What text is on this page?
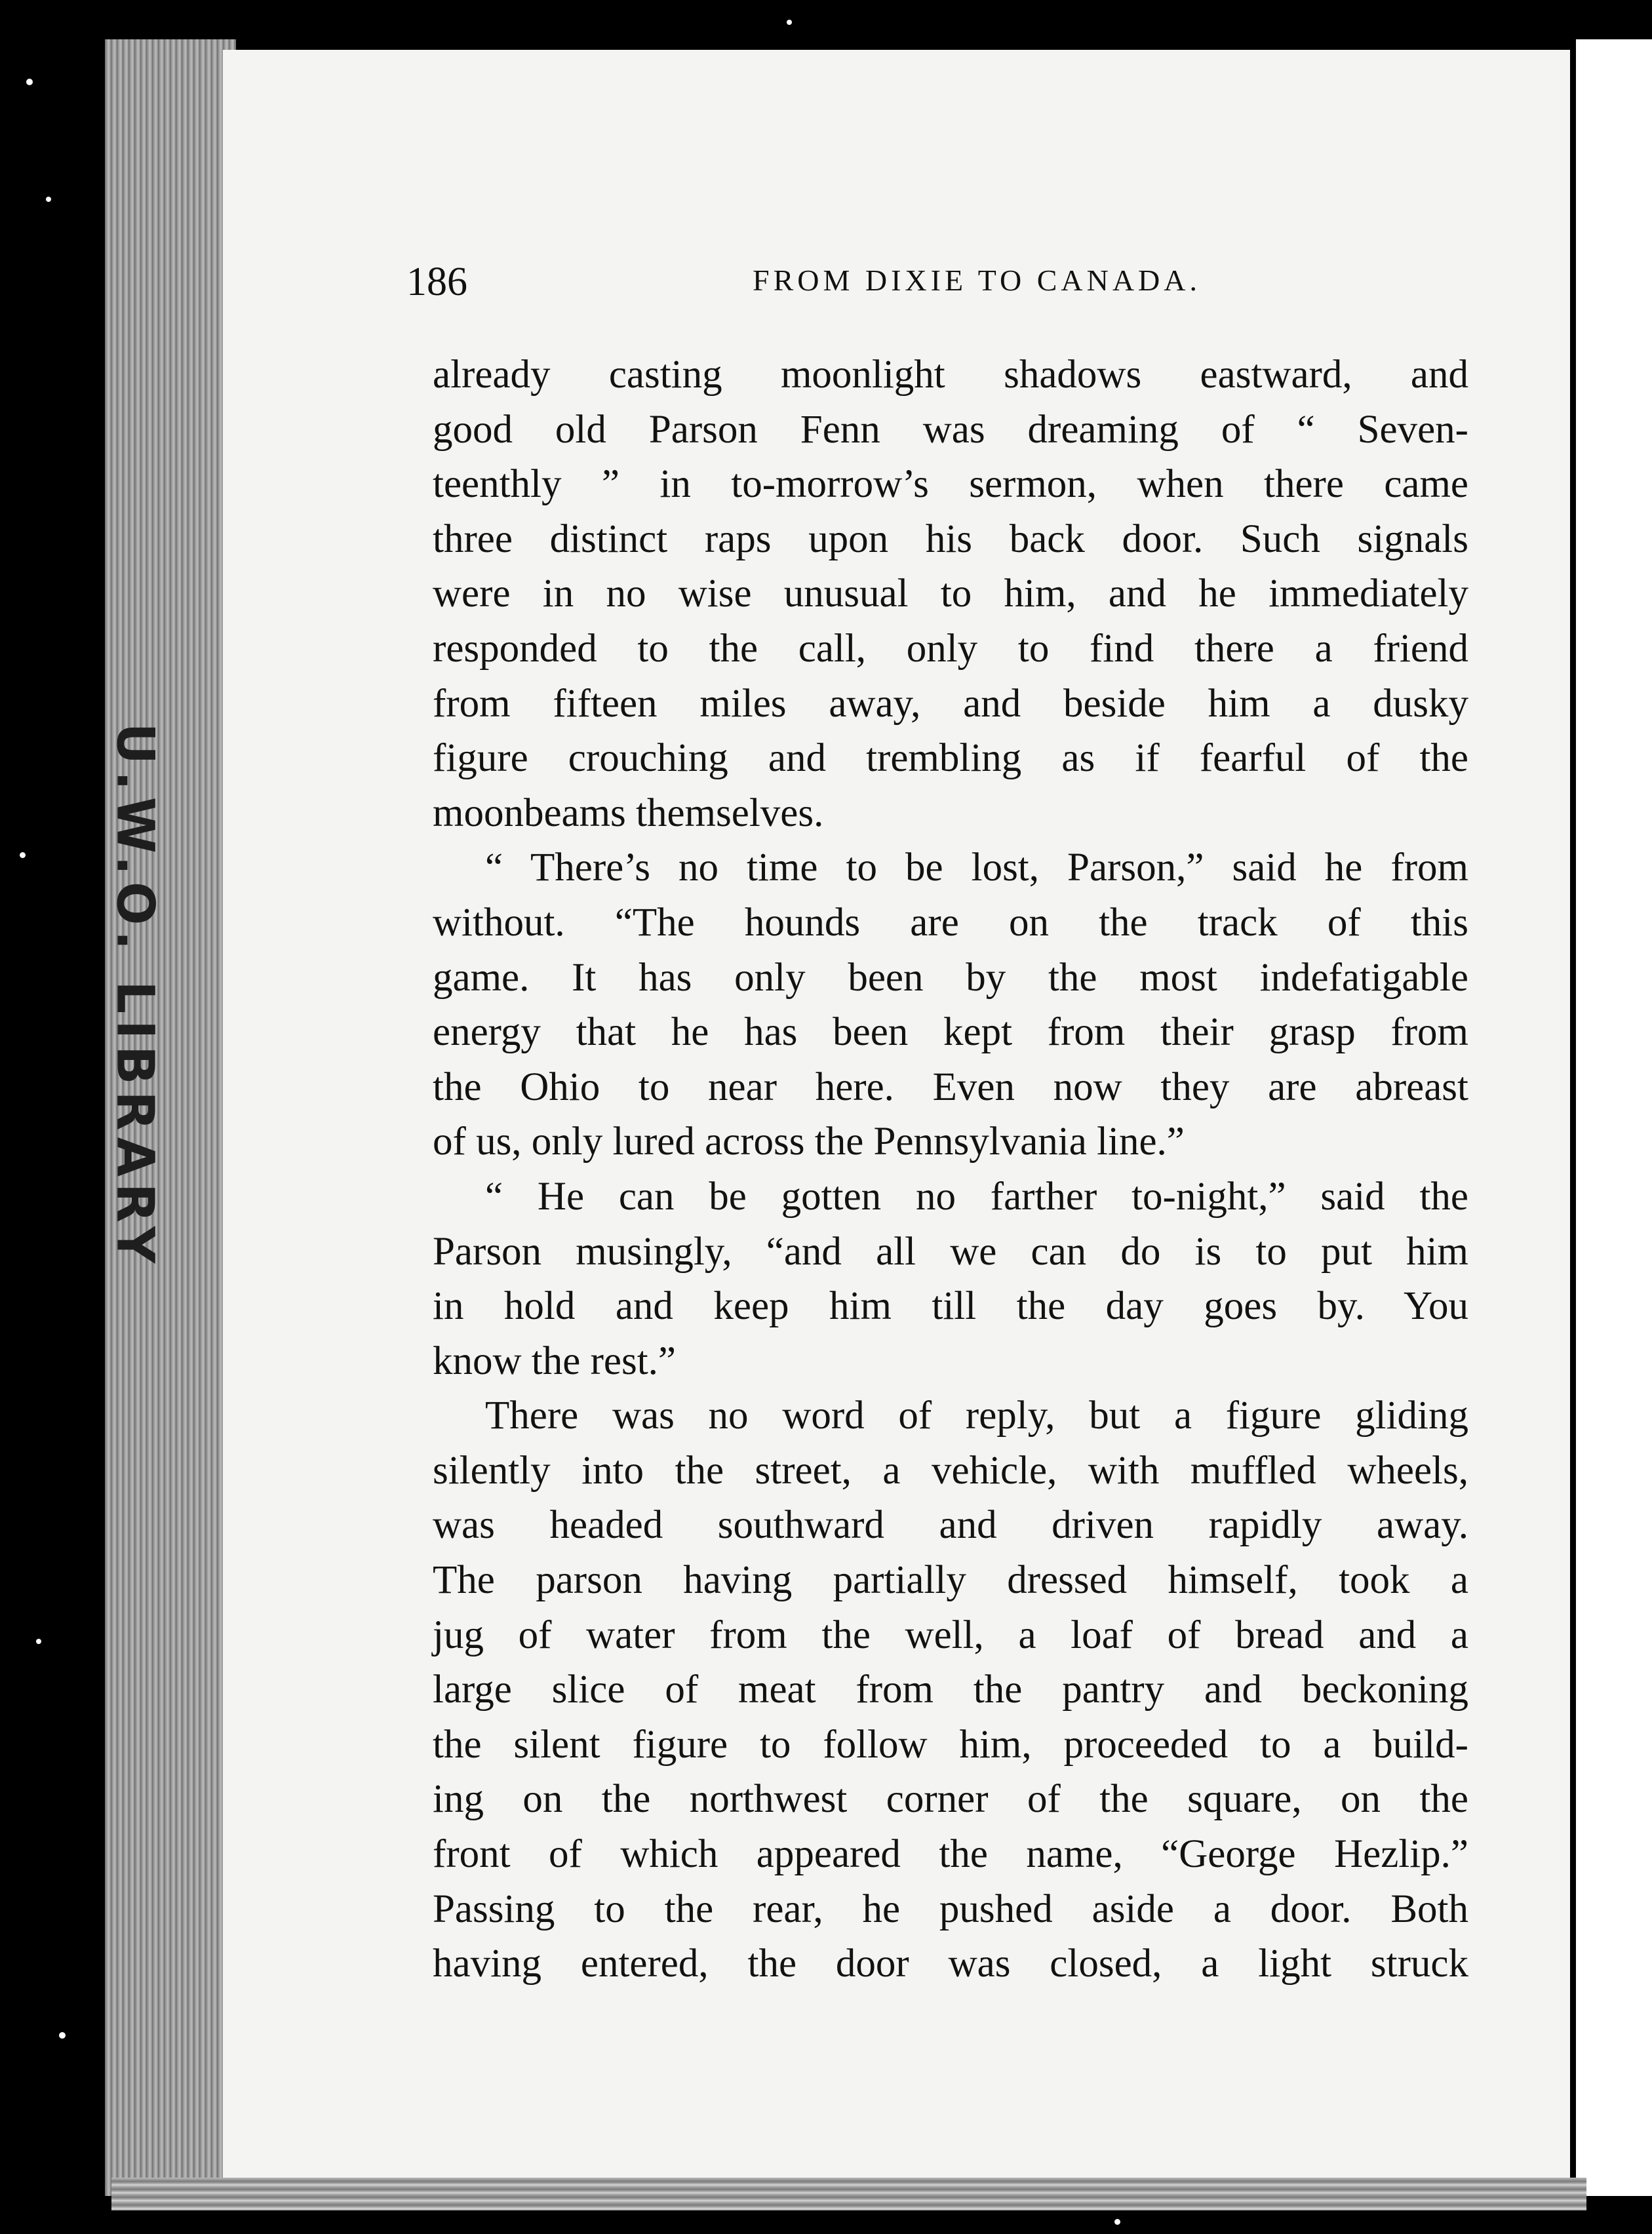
U.W.O. LIBRARY
186	FROM DIXIE TO CANADA.
already casting moonlight shadows eastward, and
good old Parson Fenn was dreaming of “ Seven-
teenthly ” in to-morrow’s sermon, when there came
three distinct raps upon his back door. Such signals
were in no wise unusual to him, and he immediately
responded to the call, only to find there a friend
from fifteen miles away, and beside him a dusky
figure crouching and trembling as if fearful of the
moonbeams themselves.
“ There’s no time to be lost, Parson,” said he from
without. “The hounds are on the track of this
game. It has only been by the most indefatigable
energy that he has been kept from their grasp from
the Ohio to near here. Even now they are abreast
of us, only lured across the Pennsylvania line.”
“ He can be gotten no farther to-night,” said the
Parson musingly, “and all we can do is to put him
in hold and keep him till the day goes by. You
know the rest.”
There was no word of reply, but a figure gliding
silently into the street, a vehicle, with muffled wheels,
was headed southward and driven rapidly away.
The parson having partially dressed himself, took a
jug of water from the well, a loaf of bread and a
large slice of meat from the pantry and beckoning
the silent figure to follow him, proceeded to a build-
ing on the northwest corner of the square, on the
front of which appeared the name, “George Hezlip.”
Passing to the rear, he pushed aside a door. Both
having entered, the door was closed, a light struck
